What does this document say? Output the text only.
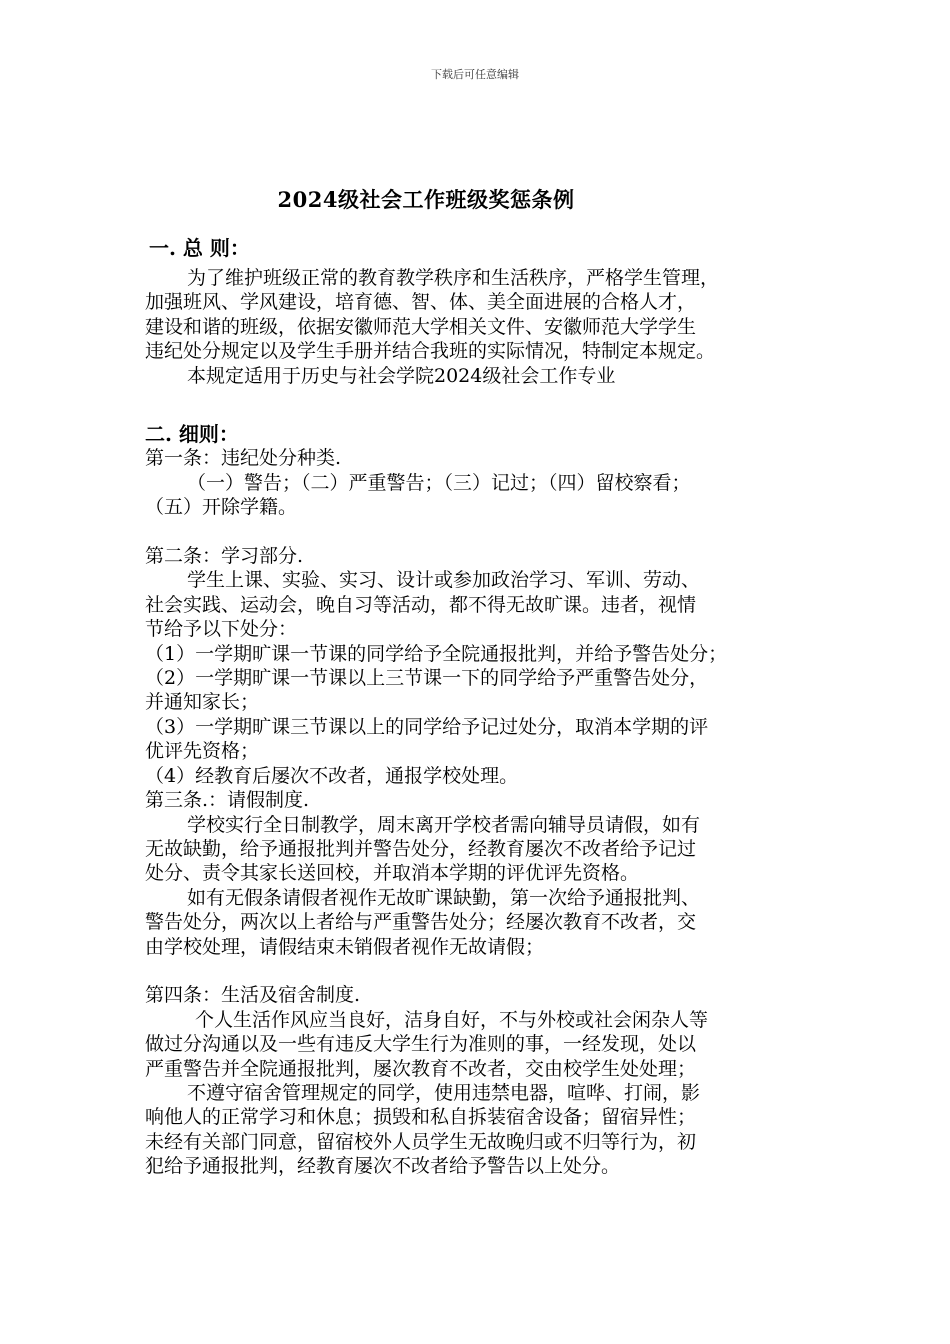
下载后可任意编辑
2024级社会工作班级奖惩条例

一. 总 则：

为了维护班级正常的教育教学秩序和生活秩序，严格学生管理，

加强班风、学风建设，培育德、智、体、美全面进展的合格人才，

建设和谐的班级，依据安徽师范大学相关文件、安徽师范大学学生

违纪处分规定以及学生手册并结合我班的实际情况，特制定本规定。

本规定适用于历史与社会学院2024级社会工作专业

二. 细则：

第一条：违纪处分种类.

（一）警告；（二）严重警告；（三）记过；（四）留校察看；

（五）开除学籍。

第二条：学习部分.

学生上课、实验、实习、设计或参加政治学习、军训、劳动、

社会实践、运动会，晚自习等活动，都不得无故旷课。违者，视情

节给予以下处分：

（1）一学期旷课一节课的同学给予全院通报批判，并给予警告处分；

（2）一学期旷课一节课以上三节课一下的同学给予严重警告处分，

并通知家长；

（3）一学期旷课三节课以上的同学给予记过处分，取消本学期的评

优评先资格；

（4）经教育后屡次不改者，通报学校处理。

第三条.：请假制度.

学校实行全日制教学，周末离开学校者需向辅导员请假，如有

无故缺勤，给予通报批判并警告处分，经教育屡次不改者给予记过

处分、责令其家长送回校，并取消本学期的评优评先资格。

如有无假条请假者视作无故旷课缺勤，第一次给予通报批判、

警告处分，两次以上者给与严重警告处分；经屡次教育不改者，交

由学校处理，请假结束未销假者视作无故请假；

第四条：生活及宿舍制度.

个人生活作风应当良好，洁身自好，不与外校或社会闲杂人等

做过分沟通以及一些有违反大学生行为准则的事，一经发现，处以

严重警告并全院通报批判，屡次教育不改者，交由校学生处处理；

不遵守宿舍管理规定的同学，使用违禁电器，喧哗、打闹，影

响他人的正常学习和休息；损毁和私自拆装宿舍设备；留宿异性；

未经有关部门同意，留宿校外人员学生无故晚归或不归等行为，初

犯给予通报批判，经教育屡次不改者给予警告以上处分。
